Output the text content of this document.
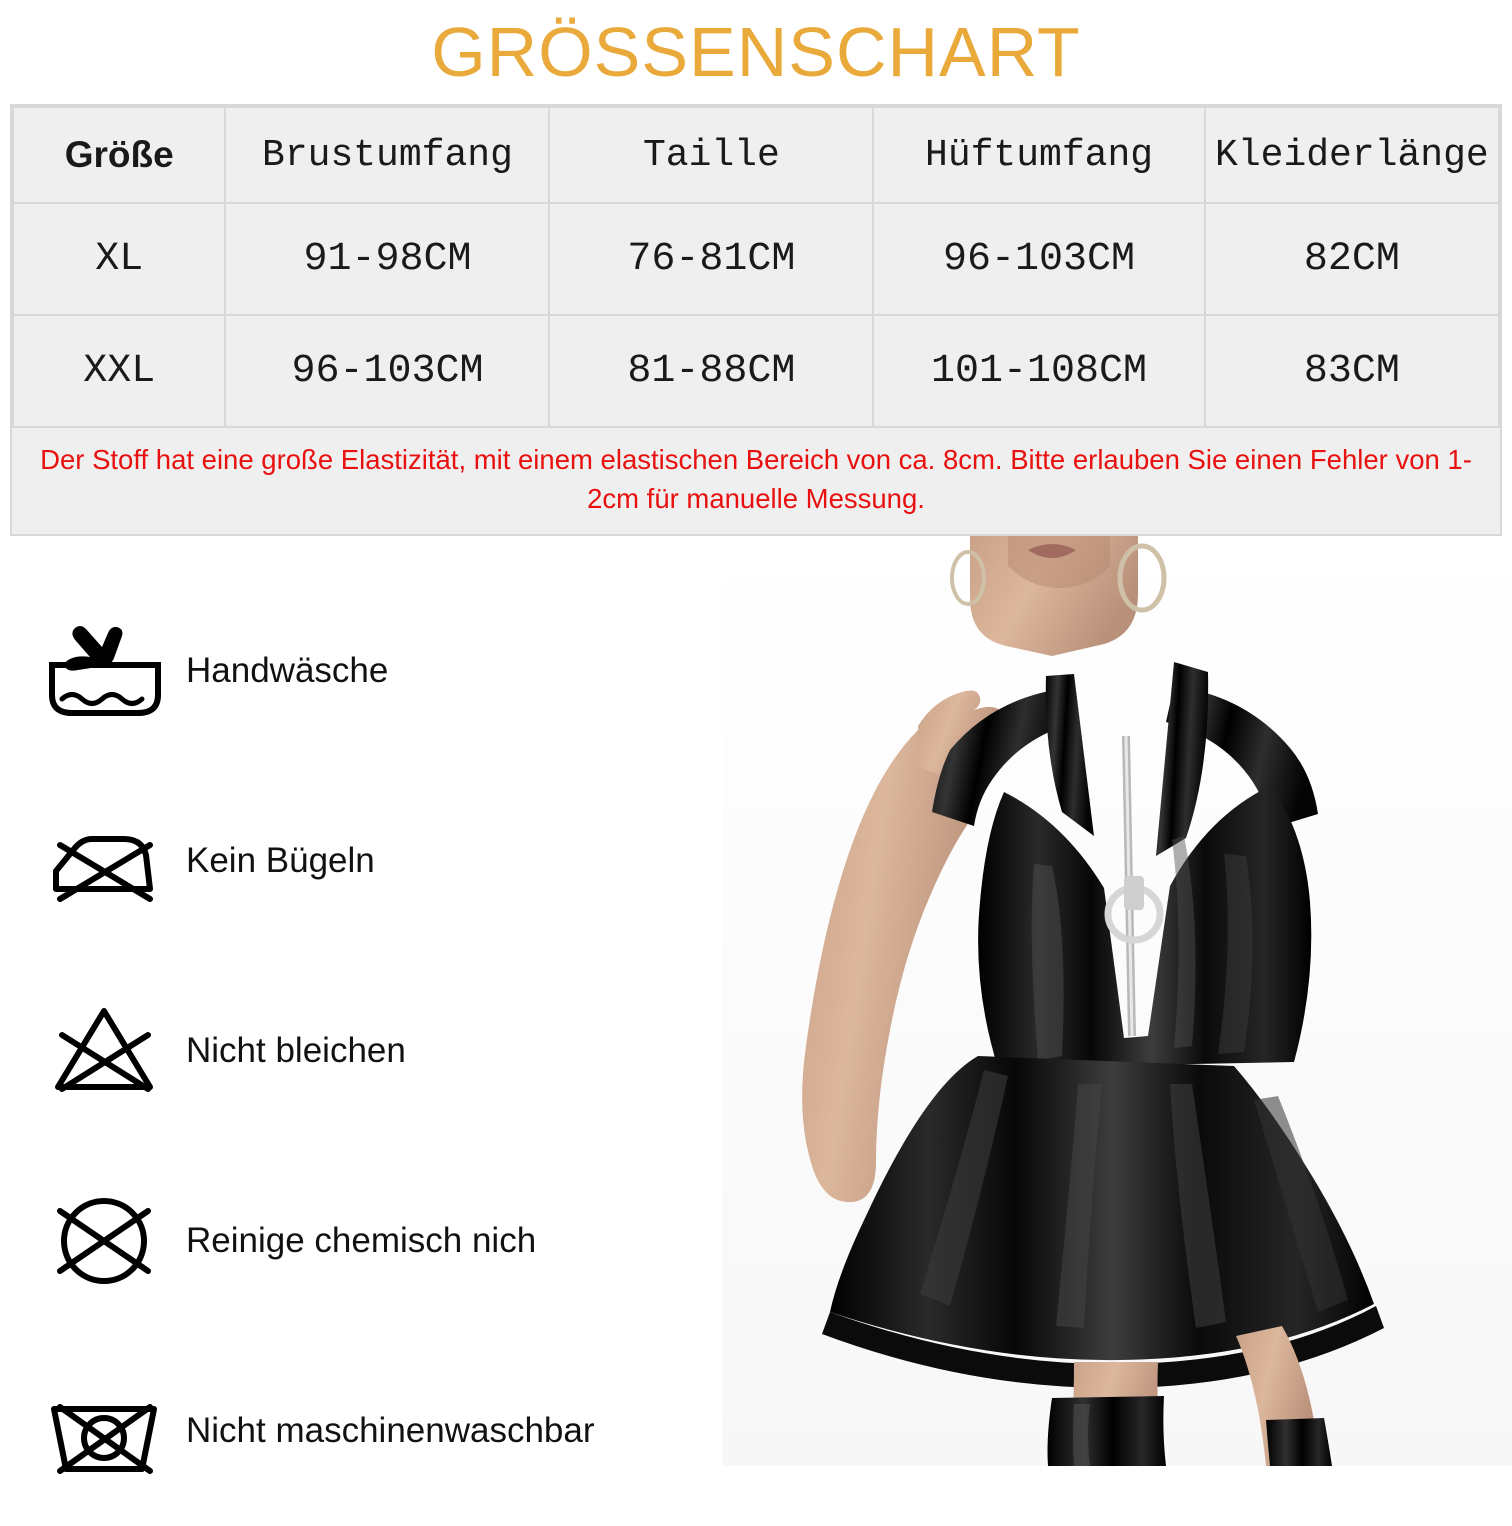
GRÖSSENSCHART
Größe	Brustumfang	Taille	Hüftumfang	Kleiderlänge
XL	91-98CM	76-81CM	96-103CM	82CM
XXL	96-103CM	81-88CM	101-108CM	83CM
Der Stoff hat eine große Elastizität, mit einem elastischen Bereich von ca. 8cm. Bitte erlauben Sie einen Fehler von 1-2cm für manuelle Messung.
Handwäsche
Kein Bügeln
Nicht bleichen
Reinige chemisch nich
Nicht maschinenwaschbar
